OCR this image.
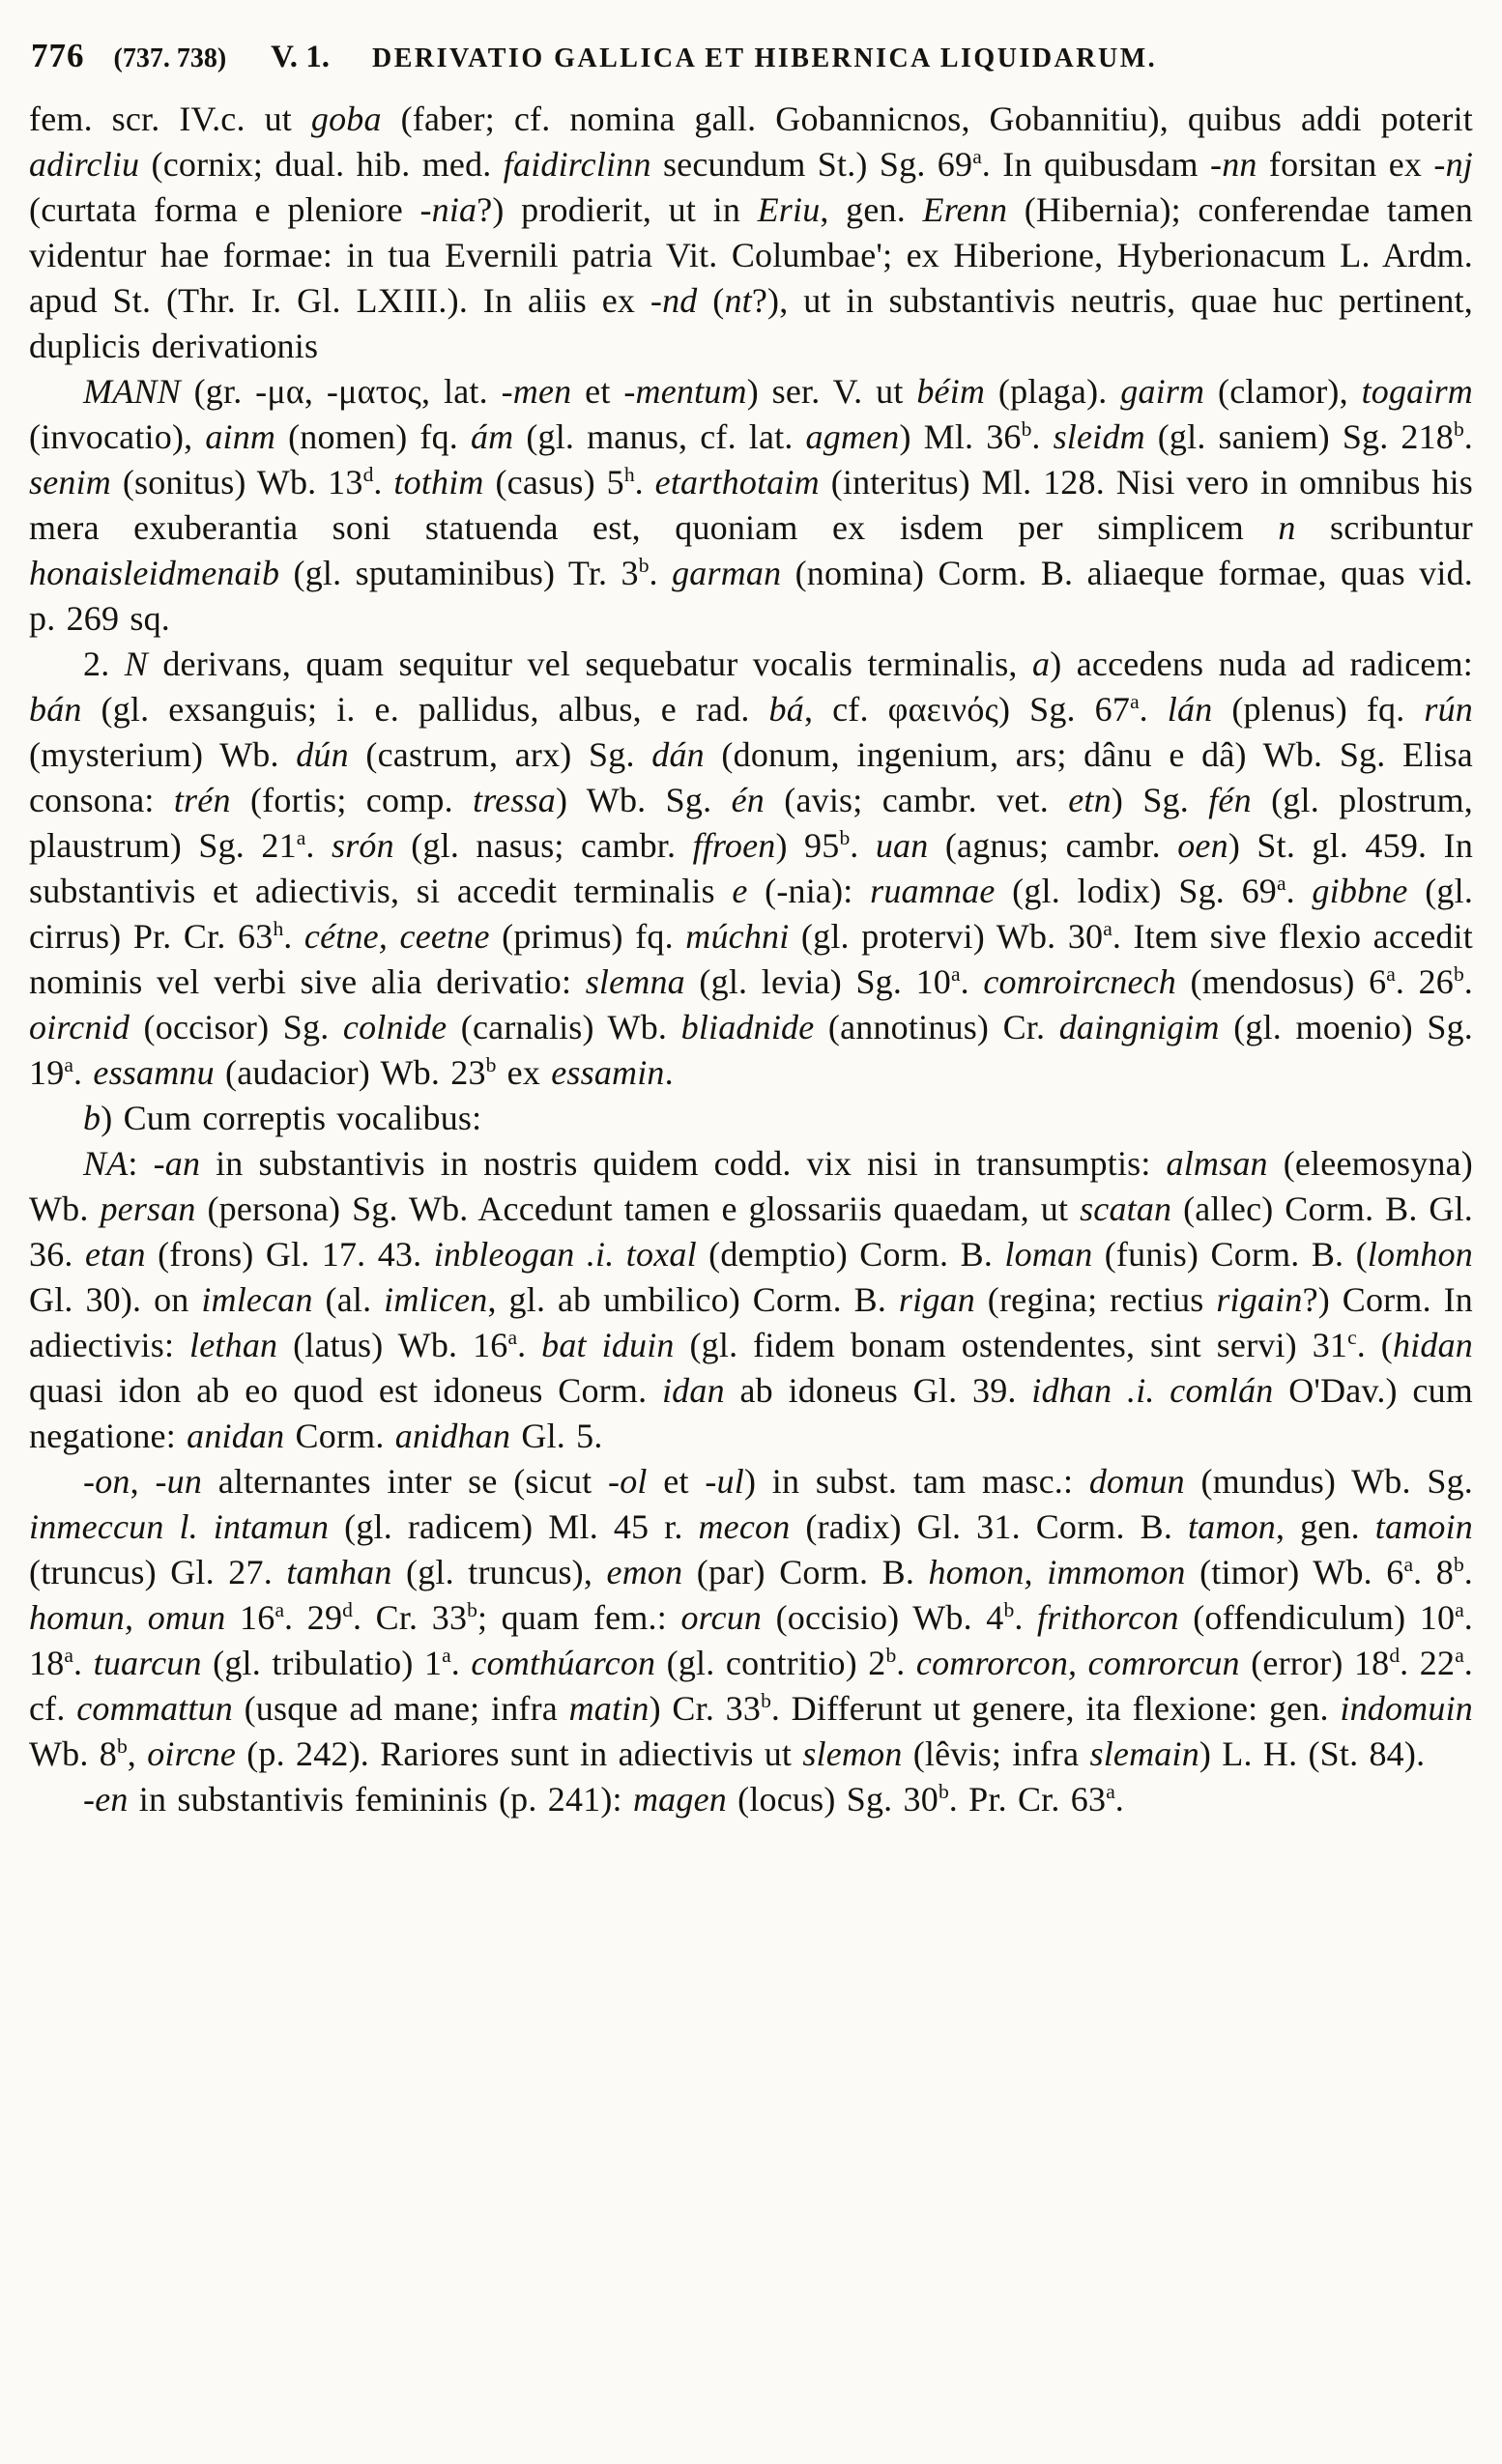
776 (737. 738) V. 1. DERIVATIO GALLICA ET HIBERNICA LIQUIDARUM.

fem. scr. IV.c. ut goba (faber; cf. nomina gall. Gobannicnos, Gobannitiu), quibus addi poterit adircliu (cornix; dual. hib. med. faidirclinn secundum St.) Sg. 69$^a$. In quibusdam -nn forsitan ex -nj (curtata forma e pleniore -nia?) prodierit, ut in Eriu, gen. Erenn (Hibernia); conferendae tamen videntur hae formae: in tua Evernili patria Vit. Columbae'; ex Hiberione, Hyberionacum L. Ardm. apud St. (Thr. Ir. Gl. LXIII.). In aliis ex -nd (nt?), ut in substantivis neutris, quae huc pertinent, duplicis derivationis

MANN (gr. -μα, -ματος, lat. -men et -mentum) ser. V. ut béim (plaga). gairm (clamor), togairm (invocatio), ainm (nomen) fq. ám (gl. manus, cf. lat. agmen) Ml. 36$^b$. sleidm (gl. saniem) Sg. 218$^b$. senim (sonitus) Wb. 13$^d$. tothim (casus) 5$^h$. etarthotaim (interitus) Ml. 128. Nisi vero in omnibus his mera exuberantia soni statuenda est, quoniam ex isdem per simplicem n scribuntur honaisleidmenaib (gl. sputaminibus) Tr. 3$^b$. garman (nomina) Corm. B. aliaeque formae, quas vid. p. 269 sq.

2. N derivans, quam sequitur vel sequebatur vocalis terminalis, a) accedens nuda ad radicem: bán (gl. exsanguis; i. e. pallidus, albus, e rad. bá, cf. φαεινός) Sg. 67$^a$. lán (plenus) fq. rún (mysterium) Wb. dún (castrum, arx) Sg. dán (donum, ingenium, ars; dânu e dâ) Wb. Sg. Elisa consona: trén (fortis; comp. tressa) Wb. Sg. én (avis; cambr. vet. etn) Sg. fén (gl. plostrum, plaustrum) Sg. 21$^a$. srón (gl. nasus; cambr. ffroen) 95$^b$. uan (agnus; cambr. oen) St. gl. 459. In substantivis et adiectivis, si accedit terminalis e (-nia): ruamnae (gl. lodix) Sg. 69$^a$. gibbne (gl. cirrus) Pr. Cr. 63$^h$. cétne, ceetne (primus) fq. múchni (gl. protervi) Wb. 30$^a$. Item sive flexio accedit nominis vel verbi sive alia derivatio: slemna (gl. levia) Sg. 10$^a$. comroircnech (mendosus) 6$^a$. 26$^b$. oircnid (occisor) Sg. colnide (carnalis) Wb. bliadnide (annotinus) Cr. daingnigim (gl. moenio) Sg. 19$^a$. essamnu (audacior) Wb. 23$^b$ ex essamin.

b) Cum correptis vocalibus:

NA: -an in substantivis in nostris quidem codd. vix nisi in transumptis: almsan (eleemosyna) Wb. persan (persona) Sg. Wb. Accedunt tamen e glossariis quaedam, ut scatan (allec) Corm. B. Gl. 36. etan (frons) Gl. 17. 43. inbleogan .i. toxal (demptio) Corm. B. loman (funis) Corm. B. (lomhon Gl. 30). on imlecan (al. imlicen, gl. ab umbilico) Corm. B. rigan (regina; rectius rigain?) Corm. In adiectivis: lethan (latus) Wb. 16$^a$. bat iduin (gl. fidem bonam ostendentes, sint servi) 31$^c$. (hidan quasi idon ab eo quod est idoneus Corm. idan ab idoneus Gl. 39. idhan .i. comlán O'Dav.) cum negatione: anidan Corm. anidhan Gl. 5.

-on, -un alternantes inter se (sicut -ol et -ul) in subst. tam masc.: domun (mundus) Wb. Sg. inmeccun l. intamun (gl. radicem) Ml. 45 r. mecon (radix) Gl. 31. Corm. B. tamon, gen. tamoin (truncus) Gl. 27. tamhan (gl. truncus), emon (par) Corm. B. homon, immomon (timor) Wb. 6$^a$. 8$^b$. homun, omun 16$^a$. 29$^d$. Cr. 33$^b$; quam fem.: orcun (occisio) Wb. 4$^b$. frithorcon (offendiculum) 10$^a$. 18$^a$. tuarcun (gl. tribulatio) 1$^a$. comthúarcon (gl. contritio) 2$^b$. comrorcon, comrorcun (error) 18$^d$. 22$^a$. cf. commattun (usque ad mane; infra matin) Cr. 33$^b$. Differunt ut genere, ita flexione: gen. indomuin Wb. 8$^b$, oircne (p. 242). Rariores sunt in adiectivis ut slemon (lêvis; infra slemain) L. H. (St. 84).

-en in substantivis femininis (p. 241): magen (locus) Sg. 30$^b$. Pr. Cr. 63$^a$.
